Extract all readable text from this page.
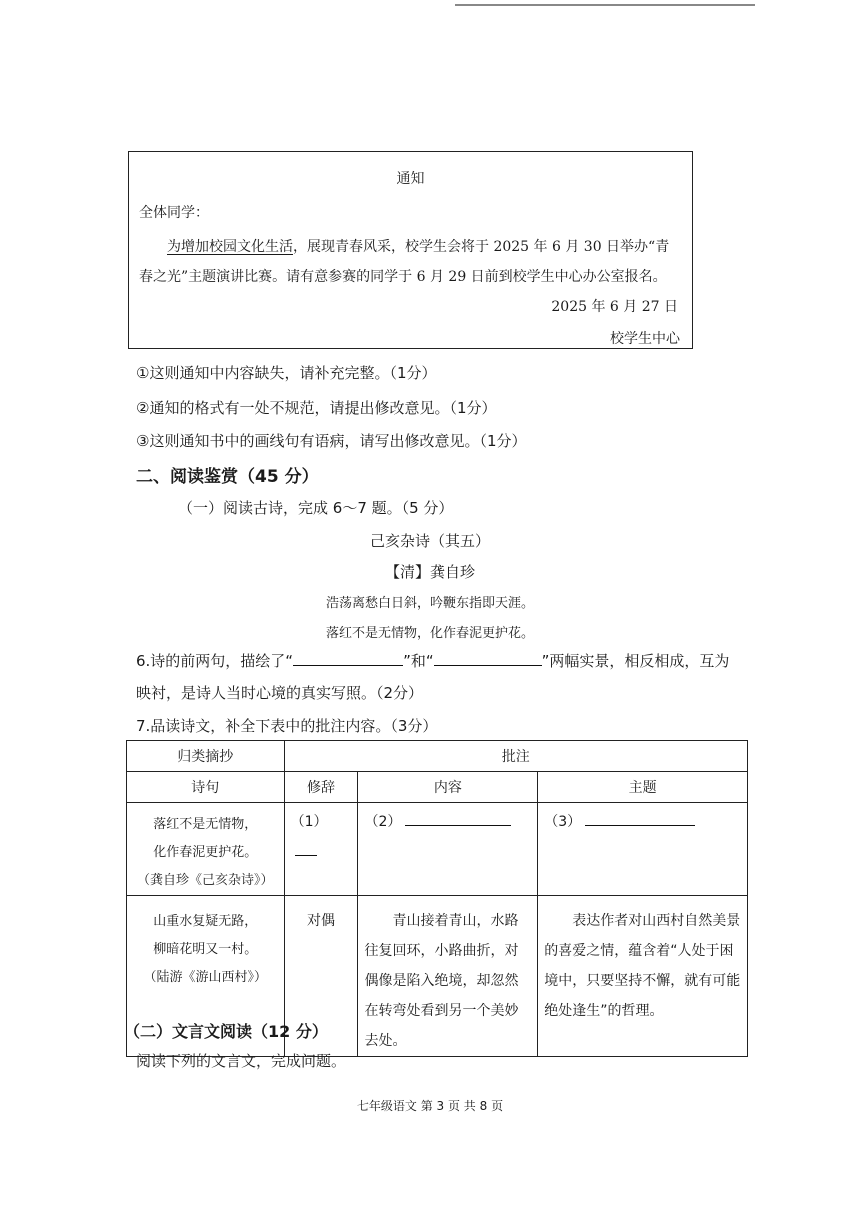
通知
全体同学：
为增加校园文化生活，展现青春风采，校学生会将于 2025 年 6 月 30 日举办“青春之光”主题演讲比赛。请有意参赛的同学于 6 月 29 日前到校学生中心办公室报名。
2025 年 6 月 27 日
校学生中心
①这则通知中内容缺失，请补充完整。（1分）
②通知的格式有一处不规范，请提出修改意见。（1分）
③这则通知书中的画线句有语病，请写出修改意见。（1分）
二、阅读鉴赏（45 分）
（一）阅读古诗，完成 6～7 题。（5 分）
己亥杂诗（其五）
【清】龚自珍
浩荡离愁白日斜，吟鞭东指即天涯。
落红不是无情物，化作春泥更护花。
6.诗的前两句，描绘了“	”和“	”两幅实景，相反相成，互为
映衬，是诗人当时心境的真实写照。（2分）
7.品读诗文，补全下表中的批注内容。（3分）
归类摘抄	批注		
诗句	修辞	内容	主题

落红不是无情物，
化作春泥更护花。
（龚自珍《己亥杂诗》）	（1）	（2）	（3）

山重水复疑无路，
柳暗花明又一村。
（陆游《游山西村》）	对偶	青山接着青山，水路往复回环，小路曲折，对偶像是陷入绝境，却忽然在转弯处看到另一个美妙去处。	表达作者对山西村自然美景的喜爱之情，蕴含着“人处于困境中，只要坚持不懈，就有可能绝处逢生”的哲理。
（二）文言文阅读（12 分）
阅读下列的文言文，完成问题。
七年级语文 第 3 页 共 8 页
